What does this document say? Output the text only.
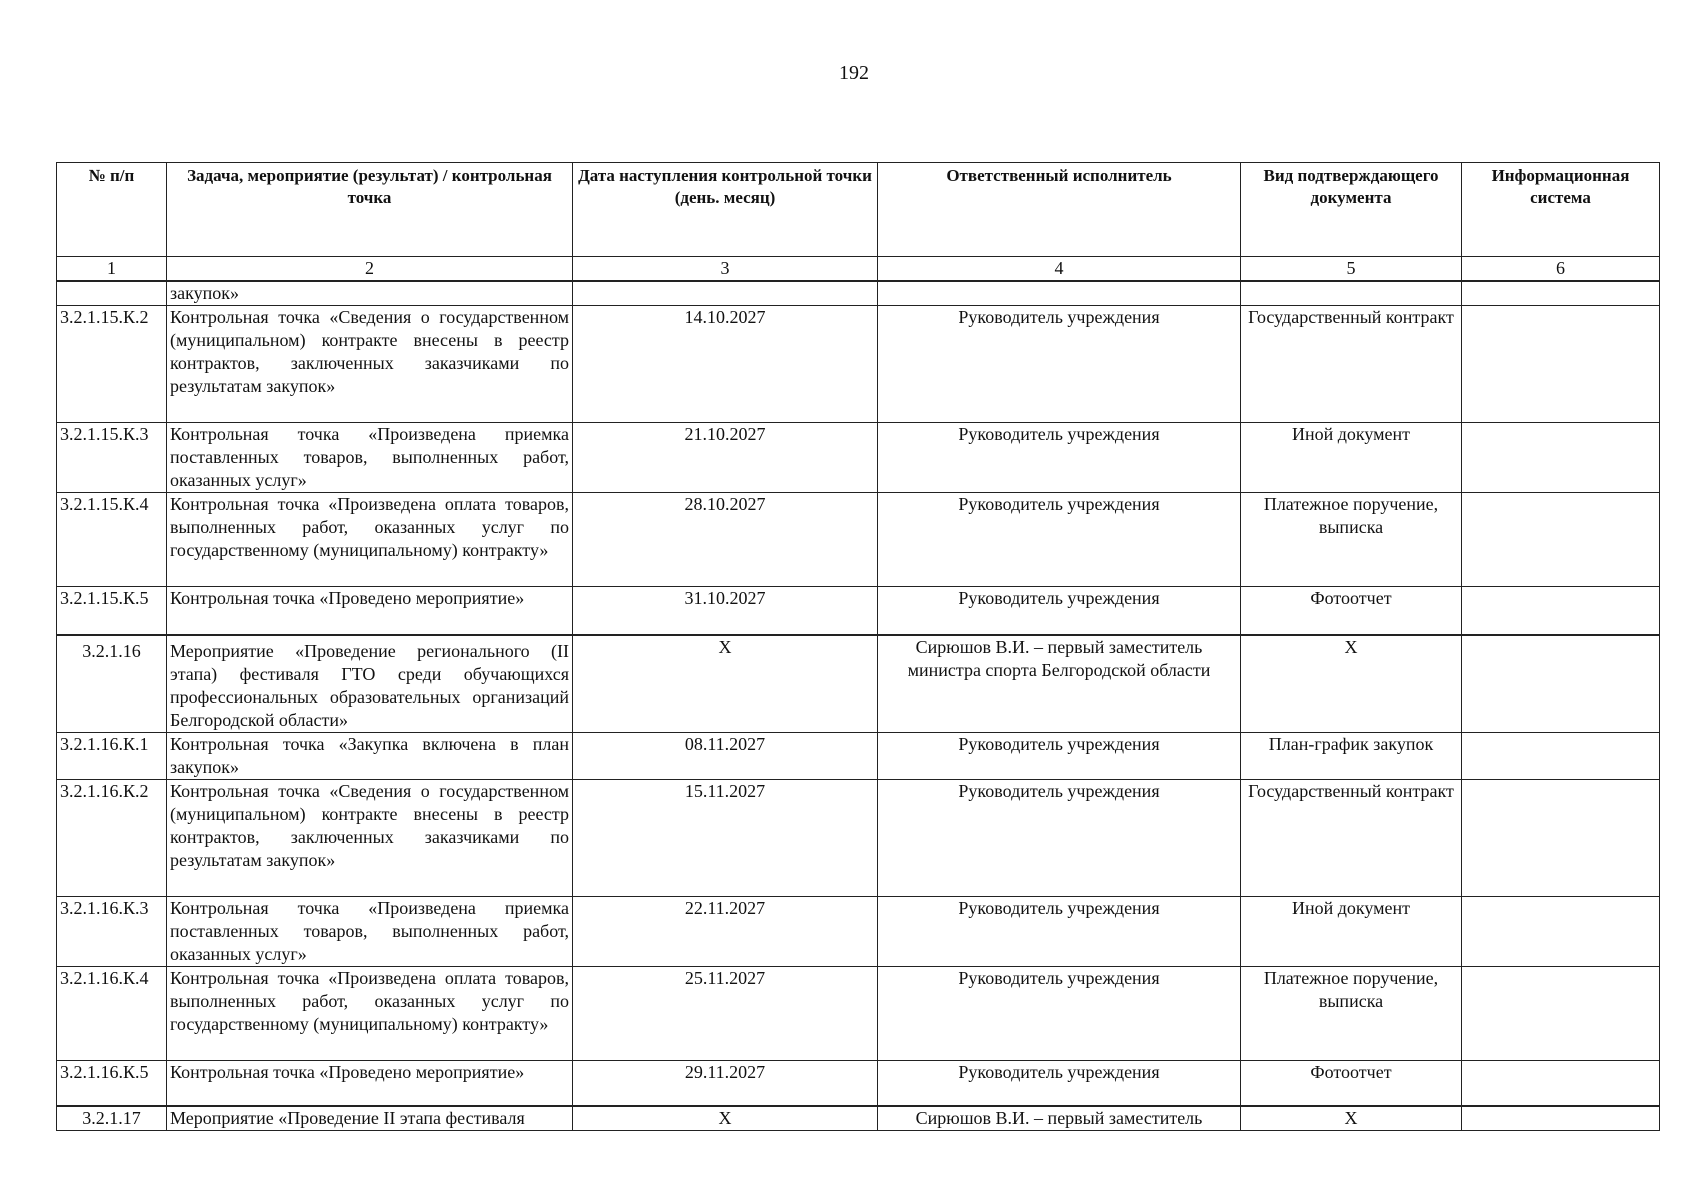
192
№ п/п	Задача, мероприятие (результат) / контрольная точка	Дата наступления контрольной точки (день. месяц)	Ответственный исполнитель	Вид подтверждающего документа	Информационная система
1	2	3	4	5	6
	закупок»				
3.2.1.15.К.2	Контрольная точка «Сведения о государственном (муниципальном) контракте внесены в реестр контрактов, заключенных заказчиками по результатам закупок»	14.10.2027	Руководитель учреждения	Государственный контракт	
3.2.1.15.К.3	Контрольная точка «Произведена приемка поставленных товаров, выполненных работ, оказанных услуг»	21.10.2027	Руководитель учреждения	Иной документ	
3.2.1.15.К.4	Контрольная точка «Произведена оплата товаров, выполненных работ, оказанных услуг по государственному (муниципальному) контракту»	28.10.2027	Руководитель учреждения	Платежное поручение, выписка	
3.2.1.15.К.5	Контрольная точка «Проведено мероприятие»	31.10.2027	Руководитель учреждения	Фотоотчет	
3.2.1.16	Мероприятие «Проведение регионального (II этапа) фестиваля ГТО среди обучающихся профессиональных образовательных организаций Белгородской области»	X	Сирюшов В.И. – первый заместитель министра спорта Белгородской области	X	
3.2.1.16.К.1	Контрольная точка «Закупка включена в план закупок»	08.11.2027	Руководитель учреждения	План-график закупок	
3.2.1.16.К.2	Контрольная точка «Сведения о государственном (муниципальном) контракте внесены в реестр контрактов, заключенных заказчиками по результатам закупок»	15.11.2027	Руководитель учреждения	Государственный контракт	
3.2.1.16.К.3	Контрольная точка «Произведена приемка поставленных товаров, выполненных работ, оказанных услуг»	22.11.2027	Руководитель учреждения	Иной документ	
3.2.1.16.К.4	Контрольная точка «Произведена оплата товаров, выполненных работ, оказанных услуг по государственному (муниципальному) контракту»	25.11.2027	Руководитель учреждения	Платежное поручение, выписка	
3.2.1.16.К.5	Контрольная точка «Проведено мероприятие»	29.11.2027	Руководитель учреждения	Фотоотчет	
3.2.1.17	Мероприятие «Проведение II этапа фестиваля	X	Сирюшов В.И. – первый заместитель	X	
